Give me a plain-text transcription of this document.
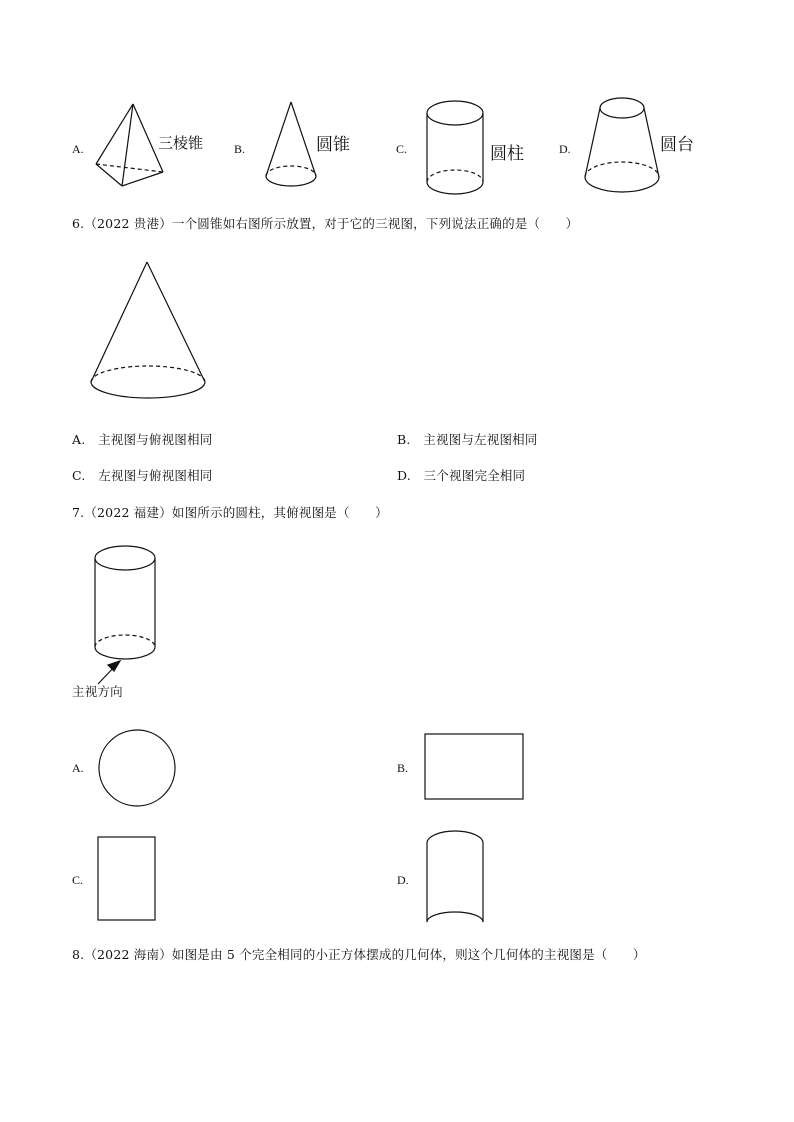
A.	三棱锥	B.	圆锥	C.	圆柱	D.	圆台
6.（2022 贵港）一个圆锥如右图所示放置，对于它的三视图，下列说法正确的是（　　）
A.　主视图与俯视图相同	B.　主视图与左视图相同
C.　左视图与俯视图相同	D.　三个视图完全相同
7.（2022 福建）如图所示的圆柱，其俯视图是（　　）
主视方向
A.	B.
C.	D.
8.（2022 海南）如图是由 5 个完全相同的小正方体摆成的几何体，则这个几何体的主视图是（　　）
